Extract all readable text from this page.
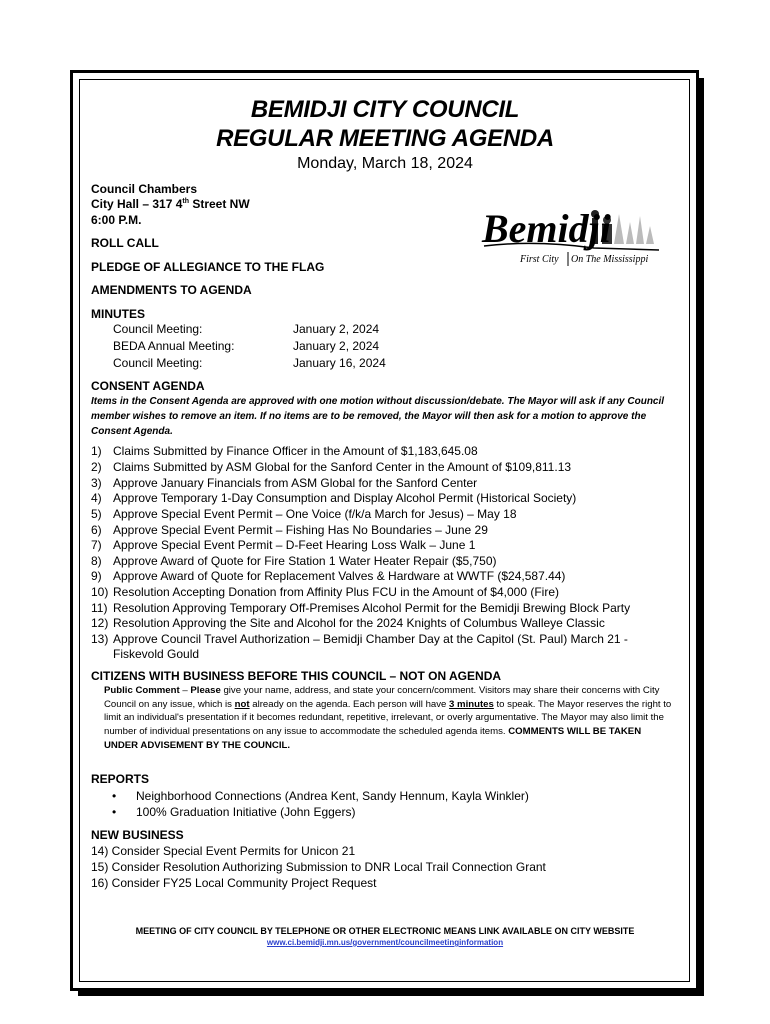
BEMIDJI CITY COUNCIL
REGULAR MEETING AGENDA
Monday, March 18, 2024
Council Chambers
City Hall – 317 4th Street NW
6:00 P.M.	Bemidji
First City On The Mississippi
ROLL CALL
PLEDGE OF ALLEGIANCE TO THE FLAG
AMENDMENTS TO AGENDA
MINUTES
Council Meeting:	January 2, 2024
BEDA Annual Meeting:	January 2, 2024
Council Meeting:	January 16, 2024
CONSENT AGENDA
Items in the Consent Agenda are approved with one motion without discussion/debate. The Mayor will ask if any Council member wishes to remove an item. If no items are to be removed, the Mayor will then ask for a motion to approve the Consent Agenda.
1) Claims Submitted by Finance Officer in the Amount of $1,183,645.08
2) Claims Submitted by ASM Global for the Sanford Center in the Amount of $109,811.13
3) Approve January Financials from ASM Global for the Sanford Center
4) Approve Temporary 1-Day Consumption and Display Alcohol Permit (Historical Society)
5) Approve Special Event Permit – One Voice (f/k/a March for Jesus) – May 18
6) Approve Special Event Permit – Fishing Has No Boundaries – June 29
7) Approve Special Event Permit – D-Feet Hearing Loss Walk – June 1
8) Approve Award of Quote for Fire Station 1 Water Heater Repair ($5,750)
9) Approve Award of Quote for Replacement Valves & Hardware at WWTF ($24,587.44)
10) Resolution Accepting Donation from Affinity Plus FCU in the Amount of $4,000 (Fire)
11) Resolution Approving Temporary Off-Premises Alcohol Permit for the Bemidji Brewing Block Party
12) Resolution Approving the Site and Alcohol for the 2024 Knights of Columbus Walleye Classic
13) Approve Council Travel Authorization – Bemidji Chamber Day at the Capitol (St. Paul) March 21 -
Fiskevold Gould
CITIZENS WITH BUSINESS BEFORE THIS COUNCIL – NOT ON AGENDA
Public Comment – Please give your name, address, and state your concern/comment. Visitors may share their concerns with City Council on any issue, which is not already on the agenda. Each person will have 3 minutes to speak. The Mayor reserves the right to limit an individual's presentation if it becomes redundant, repetitive, irrelevant, or overly argumentative. The Mayor may also limit the number of individual presentations on any issue to accommodate the scheduled agenda items. COMMENTS WILL BE TAKEN UNDER ADVISEMENT BY THE COUNCIL.
REPORTS
• Neighborhood Connections (Andrea Kent, Sandy Hennum, Kayla Winkler)
• 100% Graduation Initiative (John Eggers)
NEW BUSINESS
14) Consider Special Event Permits for Unicon 21
15) Consider Resolution Authorizing Submission to DNR Local Trail Connection Grant
16) Consider FY25 Local Community Project Request
MEETING OF CITY COUNCIL BY TELEPHONE OR OTHER ELECTRONIC MEANS LINK AVAILABLE ON CITY WEBSITE
www.ci.bemidji.mn.us/government/councilmeetinginformation
